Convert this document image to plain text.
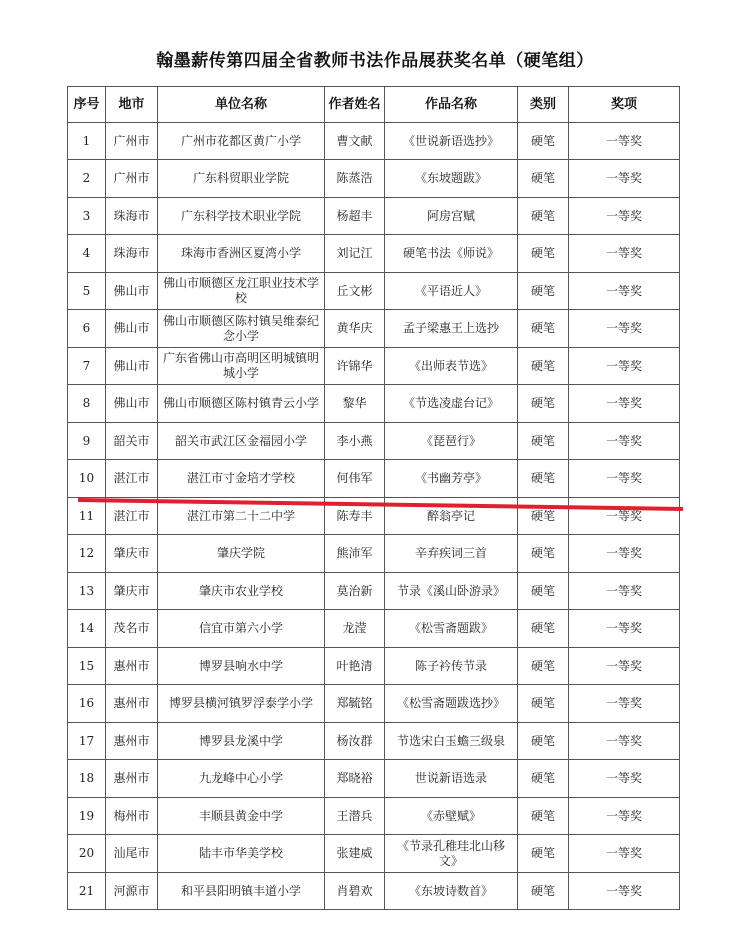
翰墨薪传第四届全省教师书法作品展获奖名单（硬笔组）
序号	地市	单位名称	作者姓名	作品名称	类别	奖项
1	广州市	广州市花都区黄广小学	曹文献	《世说新语选抄》	硬笔	一等奖
2	广州市	广东科贸职业学院	陈蒸浩	《东坡题跋》	硬笔	一等奖
3	珠海市	广东科学技术职业学院	杨超丰	阿房宫赋	硬笔	一等奖
4	珠海市	珠海市香洲区夏湾小学	刘记江	硬笔书法《师说》	硬笔	一等奖
5	佛山市	佛山市顺德区龙江职业技术学校	丘文彬	《平语近人》	硬笔	一等奖
6	佛山市	佛山市顺德区陈村镇吴维泰纪念小学	黄华庆	孟子梁惠王上选抄	硬笔	一等奖
7	佛山市	广东省佛山市高明区明城镇明城小学	许锦华	《出师表节选》	硬笔	一等奖
8	佛山市	佛山市顺德区陈村镇青云小学	黎华	《节选凌虚台记》	硬笔	一等奖
9	韶关市	韶关市武江区金福园小学	李小燕	《琵琶行》	硬笔	一等奖
10	湛江市	湛江市寸金培才学校	何伟军	《书幽芳亭》	硬笔	一等奖
11	湛江市	湛江市第二十二中学	陈寿丰	醉翁亭记	硬笔	一等奖
12	肇庆市	肇庆学院	熊沛军	辛弃疾词三首	硬笔	一等奖
13	肇庆市	肇庆市农业学校	莫治新	节录《溪山卧游录》	硬笔	一等奖
14	茂名市	信宜市第六小学	龙滢	《松雪斋题跋》	硬笔	一等奖
15	惠州市	博罗县响水中学	叶艳清	陈子衿传节录	硬笔	一等奖
16	惠州市	博罗县横河镇罗浮泰学小学	郑毓铭	《松雪斋题跋选抄》	硬笔	一等奖
17	惠州市	博罗县龙溪中学	杨汝群	节选宋白玉蟾三级泉	硬笔	一等奖
18	惠州市	九龙峰中心小学	郑晓裕	世说新语选录	硬笔	一等奖
19	梅州市	丰顺县黄金中学	王潜兵	《赤壁赋》	硬笔	一等奖
20	汕尾市	陆丰市华美学校	张建威	《节录孔稚珪北山移文》	硬笔	一等奖
21	河源市	和平县阳明镇丰道小学	肖碧欢	《东坡诗数首》	硬笔	一等奖
